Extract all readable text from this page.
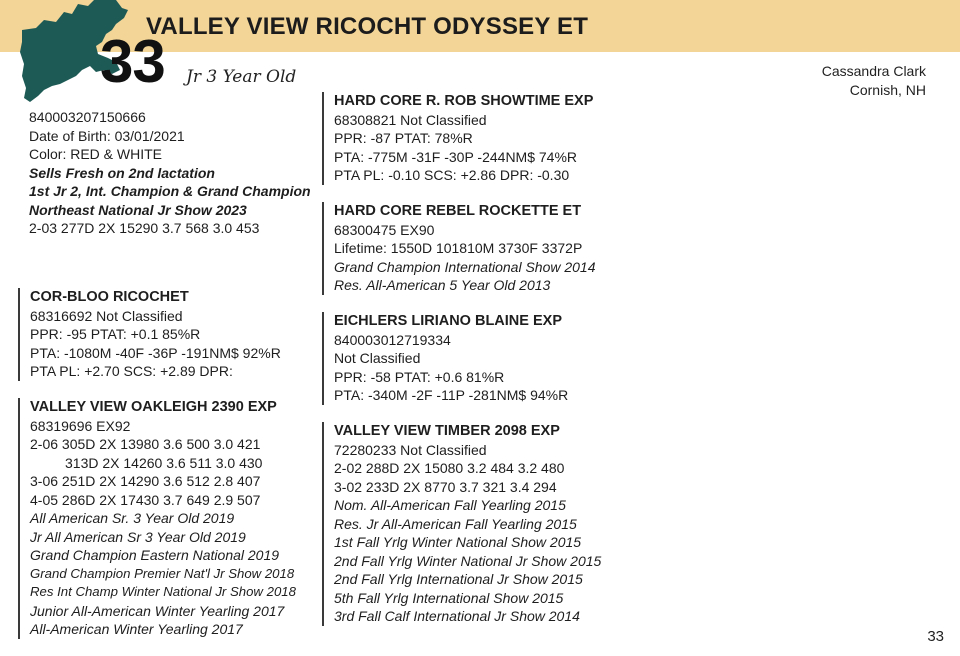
VALLEY VIEW RICOCHT ODYSSEY ET
33 Jr 3 Year Old	Cassandra Clark
Cornish, NH
840003207150666
Date of Birth: 03/01/2021
Color: RED & WHITE
Sells Fresh on 2nd lactation
1st Jr 2, Int. Champion & Grand Champion
Northeast National Jr Show 2023
2-03 277D 2X 15290 3.7 568 3.0 453
COR-BLOO RICOCHET
68316692 Not Classified
PPR: -95 PTAT: +0.1 85%R
PTA: -1080M -40F -36P -191NM$ 92%R
PTA PL: +2.70 SCS: +2.89 DPR:
VALLEY VIEW OAKLEIGH 2390 EXP
68319696 EX92
2-06 305D 2X 13980 3.6 500 3.0 421
313D 2X 14260 3.6 511 3.0 430
3-06 251D 2X 14290 3.6 512 2.8 407
4-05 286D 2X 17430 3.7 649 2.9 507
All American Sr. 3 Year Old 2019
Jr All American Sr 3 Year Old 2019
Grand Champion Eastern National 2019
Grand Champion Premier Nat'l Jr Show 2018
Res Int Champ Winter National Jr Show 2018
Junior All-American Winter Yearling 2017
All-American Winter Yearling 2017
HARD CORE R. ROB SHOWTIME EXP
68308821 Not Classified
PPR: -87 PTAT: 78%R
PTA: -775M -31F -30P -244NM$ 74%R
PTA PL: -0.10 SCS: +2.86 DPR: -0.30
HARD CORE REBEL ROCKETTE ET
68300475 EX90
Lifetime: 1550D 101810M 3730F 3372P
Grand Champion International Show 2014
Res. All-American 5 Year Old 2013
EICHLERS LIRIANO BLAINE EXP
840003012719334
Not Classified
PPR: -58 PTAT: +0.6 81%R
PTA: -340M -2F -11P -281NM$ 94%R
VALLEY VIEW TIMBER 2098 EXP
72280233 Not Classified
2-02 288D 2X 15080 3.2 484 3.2 480
3-02 233D 2X 8770 3.7 321 3.4 294
Nom. All-American Fall Yearling 2015
Res. Jr All-American Fall Yearling 2015
1st Fall Yrlg Winter National Show 2015
2nd Fall Yrlg Winter National Jr Show 2015
2nd Fall Yrlg International Jr Show 2015
5th Fall Yrlg International Show 2015
3rd Fall Calf International Jr Show 2014
33
